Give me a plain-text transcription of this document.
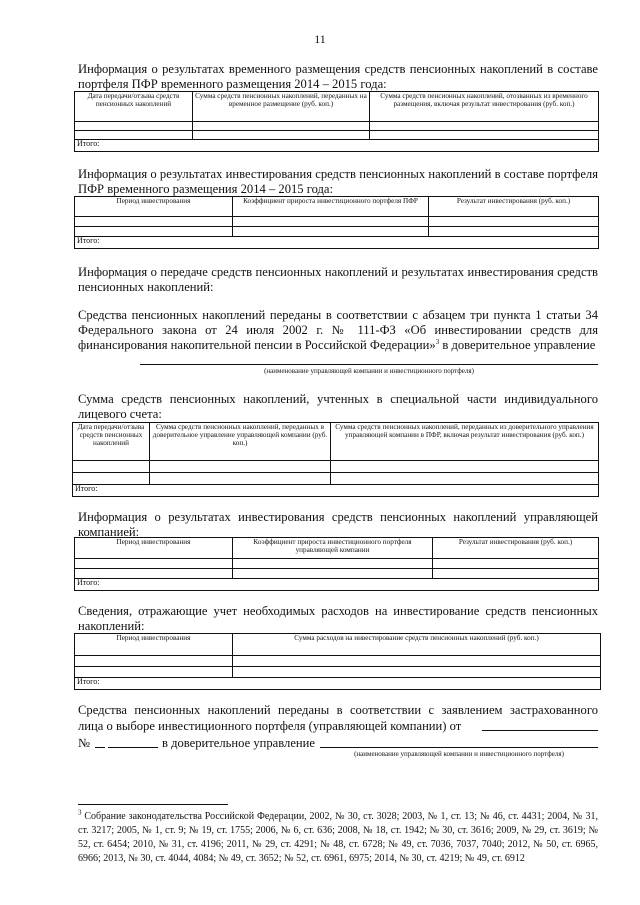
11
Информация о результатах временного размещения средств пенсионных накоплений в составе портфеля ПФР временного размещения 2014 – 2015 года:
Дата передачи/отзыва средств пенсионных накоплений	Сумма средств пенсионных накоплений, переданных на временное размещение (руб. коп.)	Сумма средств пенсионных накоплений, отозванных из временного размещения, включая результат инвестирования (руб. коп.)

Итого:		
Информация о результатах инвестирования средств пенсионных накоплений в составе портфеля ПФР временного размещения 2014 – 2015 года:
Период инвестирования	Коэффициент прироста инвестиционного портфеля ПФР	Результат инвестирования (руб. коп.)

Итого:		
Информация о передаче средств пенсионных накоплений и результатах инвестирования средств пенсионных накоплений:
Средства пенсионных накоплений переданы в соответствии с абзацем три пункта 1 статьи 34 Федерального закона от 24 июля 2002 г. № 111-ФЗ «Об инвестировании средств для финансирования накопительной пенсии в Российской Федерации»$^3$ в доверительное управление
(наименование управляющей компании и инвестиционного портфеля)
Сумма средств пенсионных накоплений, учтенных в специальной части индивидуального лицевого счета:
Дата передачи/отзыва средств пенсионных накоплений	Сумма средств пенсионных накоплений, переданных в доверительное управление управляющей компании (руб. коп.)	Сумма средств пенсионных накоплений, переданных из доверительного управления управляющей компании в ПФР, включая результат инвестирования (руб. коп.)

Итого:		
Информация о результатах инвестирования средств пенсионных накоплений управляющей компанией:
Период инвестирования	Коэффициент прироста инвестиционного портфеля управляющей компании	Результат инвестирования (руб. коп.)

Итого:		
Сведения, отражающие учет необходимых расходов на инвестирование средств пенсионных накоплений:
Период инвестирования	Сумма расходов на инвестирование средств пенсионных накоплений (руб. коп.)

Итого:	
Средства пенсионных накоплений переданы в соответствии с заявлением застрахованного
лица о выборе инвестиционного портфеля (управляющей компании) от
№	в доверительное управление
(наименование управляющей компании и инвестиционного портфеля)
$^3$ Собрание законодательства Российской Федерации, 2002, № 30, ст. 3028; 2003, № 1, ст. 13; № 46, ст. 4431; 2004, № 31, ст. 3217; 2005, № 1, ст. 9; № 19, ст. 1755; 2006, № 6, ст. 636; 2008, № 18, ст. 1942; № 30, ст. 3616; 2009, № 29, ст. 3619; № 52, ст. 6454; 2010, № 31, ст. 4196; 2011, № 29, ст. 4291; № 48, ст. 6728; № 49, ст. 7036, 7037, 7040; 2012, № 50, ст. 6965, 6966; 2013, № 30, ст. 4044, 4084; № 49, ст. 3652; № 52, ст. 6961, 6975; 2014, № 30, ст. 4219; № 49, ст. 6912
